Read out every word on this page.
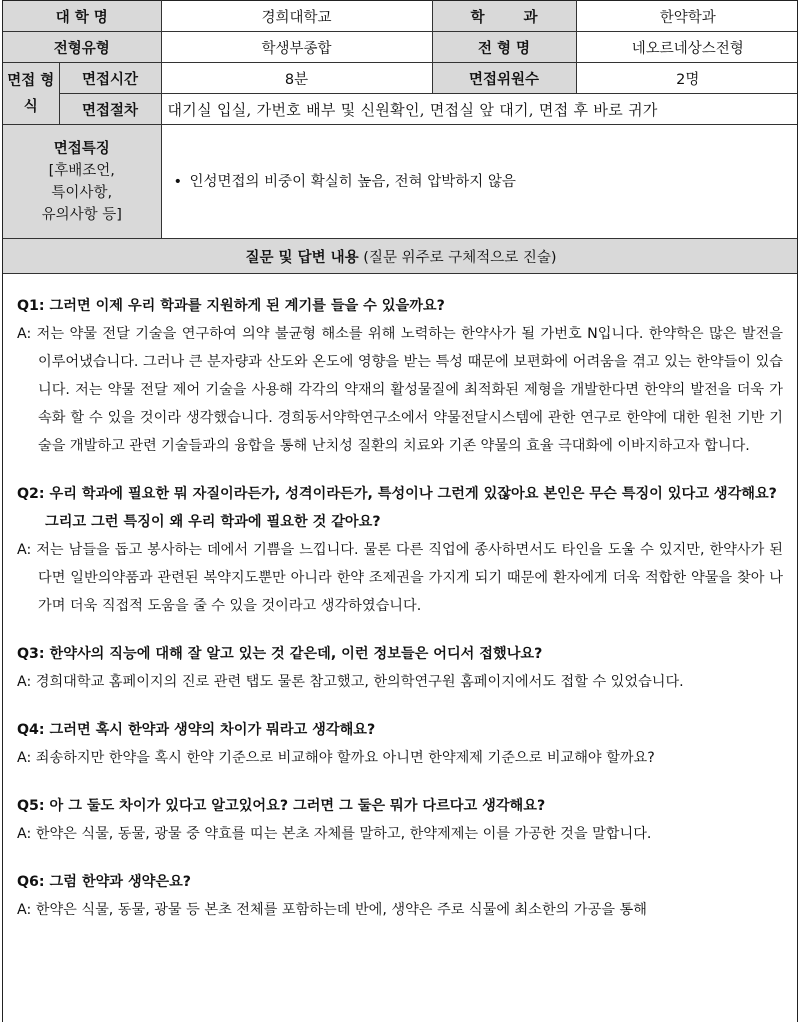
대 학 명		경희대학교	학 과	한약학과
전형유형		학생부종합	전 형 명	네오르네상스전형
면접 형식	면접시간	8분	면접위원수	2명
	면접절차	대기실 입실, 가번호 배부 및 신원확인, 면접실 앞 대기, 면접 후 바로 귀가		

면접특징
[후배조언,
특이사항,
유의사항 등]		• 인성면접의 비중이 확실히 높음, 전혀 압박하지 않음		
질문 및 답변 내용 (질문 위주로 구체적으로 진술)				
Q1: 그러면 이제 우리 학과를 지원하게 된 계기를 들을 수 있을까요?
A: 저는 약물 전달 기술을 연구하여 의약 불균형 해소를 위해 노력하는 한약사가 될 가번호 N입니다. 한약학은 많은 발전을 이루어냈습니다. 그러나 큰 분자량과 산도와 온도에 영향을 받는 특성 때문에 보편화에 어려움을 겪고 있는 한약들이 있습니다. 저는 약물 전달 제어 기술을 사용해 각각의 약재의 활성물질에 최적화된 제형을 개발한다면 한약의 발전을 더욱 가속화 할 수 있을 것이라 생각했습니다. 경희동서약학연구소에서 약물전달시스템에 관한 연구로 한약에 대한 원천 기반 기술을 개발하고 관련 기술들과의 융합을 통해 난치성 질환의 치료와 기존 약물의 효율 극대화에 이바지하고자 합니다.
Q2: 우리 학과에 필요한 뭐 자질이라든가, 성격이라든가, 특성이나 그런게 있잖아요 본인은 무슨 특징이 있다고 생각해요? 그리고 그런 특징이 왜 우리 학과에 필요한 것 같아요?
A: 저는 남들을 돕고 봉사하는 데에서 기쁨을 느낍니다. 물론 다른 직업에 종사하면서도 타인을 도울 수 있지만, 한약사가 된다면 일반의약품과 관련된 복약지도뿐만 아니라 한약 조제권을 가지게 되기 때문에 환자에게 더욱 적합한 약물을 찾아 나가며 더욱 직접적 도움을 줄 수 있을 것이라고 생각하였습니다.
Q3: 한약사의 직능에 대해 잘 알고 있는 것 같은데, 이런 정보들은 어디서 접했나요?
A: 경희대학교 홈페이지의 진로 관련 탭도 물론 참고했고, 한의학연구원 홈페이지에서도 접할 수 있었습니다.
Q4: 그러면 혹시 한약과 생약의 차이가 뭐라고 생각해요?
A: 죄송하지만 한약을 혹시 한약 기준으로 비교해야 할까요 아니면 한약제제 기준으로 비교해야 할까요?
Q5: 아 그 둘도 차이가 있다고 알고있어요? 그러면 그 둘은 뭐가 다르다고 생각해요?
A: 한약은 식물, 동물, 광물 중 약효를 띠는 본초 자체를 말하고, 한약제제는 이를 가공한 것을 말합니다.
Q6: 그럼 한약과 생약은요?
A: 한약은 식물, 동물, 광물 등 본초 전체를 포함하는데 반에, 생약은 주로 식물에 최소한의 가공을 통해
